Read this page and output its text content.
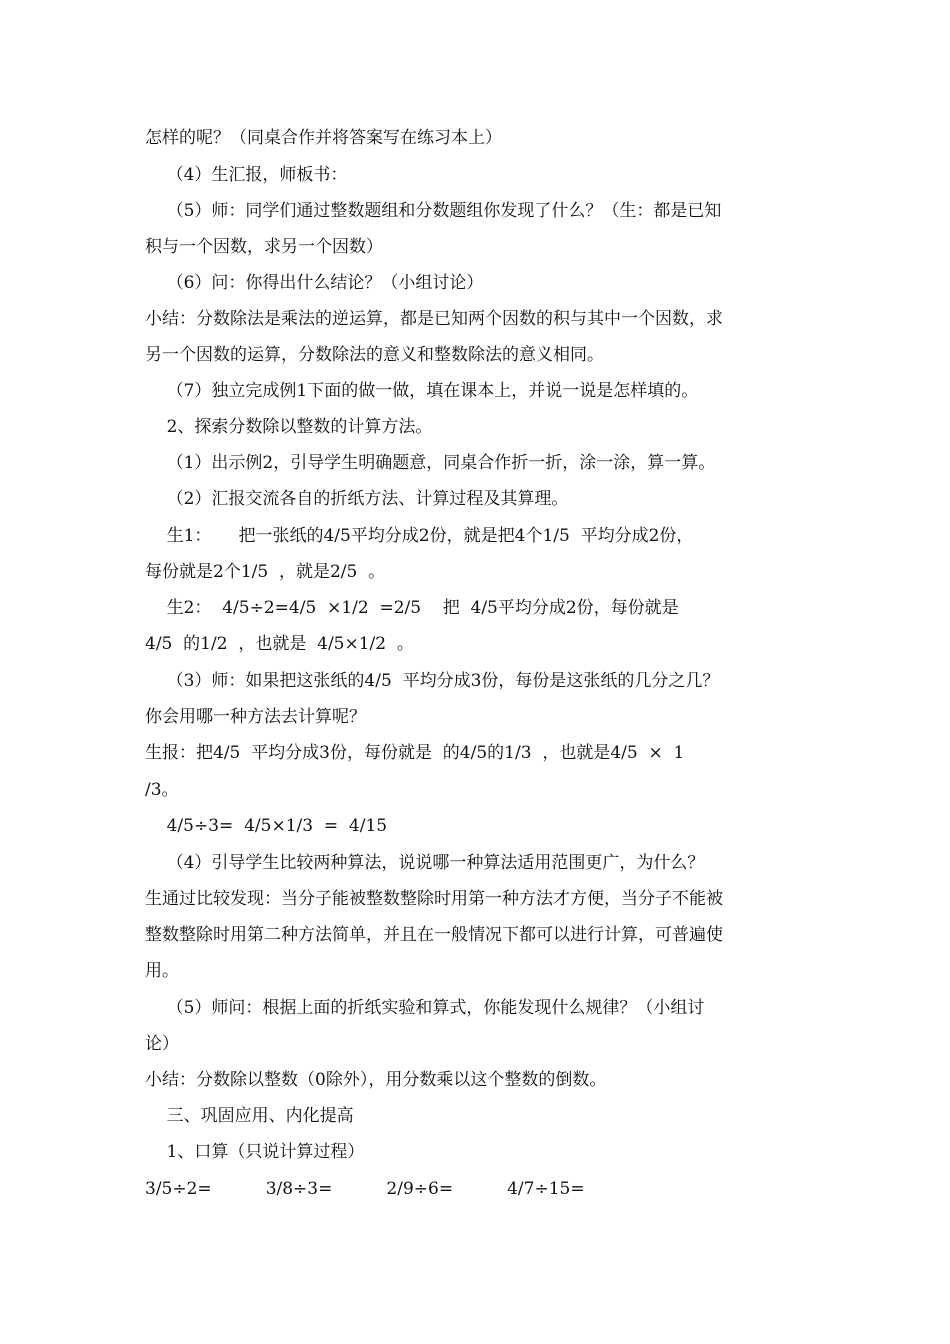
怎样的呢？（同桌合作并将答案写在练习本上）

（4）生汇报，师板书：

（5）师：同学们通过整数题组和分数题组你发现了什么？（生：都是已知

积与一个因数，求另一个因数）

（6）问：你得出什么结论？（小组讨论）

小结：分数除法是乘法的逆运算，都是已知两个因数的积与其中一个因数，求

另一个因数的运算，分数除法的意义和整数除法的意义相同。

（7）独立完成例1下面的做一做，填在课本上，并说一说是怎样填的。

2、探索分数除以整数的计算方法。

（1）出示例2，引导学生明确题意，同桌合作折一折，涂一涂，算一算。

（2）汇报交流各自的折纸方法、计算过程及其算理。

生1：     把一张纸的4/5平均分成2份，就是把4个1/5  平均分成2份，

每份就是2个1/5  ，就是2/5  。

生2：  4/5÷2=4/5  ×1/2  =2/5    把  4/5平均分成2份，每份就是

4/5  的1/2  ，也就是  4/5×1/2  。

（3）师：如果把这张纸的4/5  平均分成3份，每份是这张纸的几分之几？

你会用哪一种方法去计算呢？

生报：把4/5  平均分成3份，每份就是  的4/5的1/3  ，也就是4/5  ×  1

/3。

4/5÷3=  4/5×1/3  =  4/15

（4）引导学生比较两种算法，说说哪一种算法适用范围更广，为什么？

生通过比较发现：当分子能被整数整除时用第一种方法才方便，当分子不能被

整数整除时用第二种方法简单，并且在一般情况下都可以进行计算，可普遍使

用。

（5）师问：根据上面的折纸实验和算式，你能发现什么规律？（小组讨

论）

小结：分数除以整数（0除外），用分数乘以这个整数的倒数。

三、巩固应用、内化提高

1、口算（只说计算过程）

3/5÷2=          3/8÷3=          2/9÷6=          4/7÷15=
